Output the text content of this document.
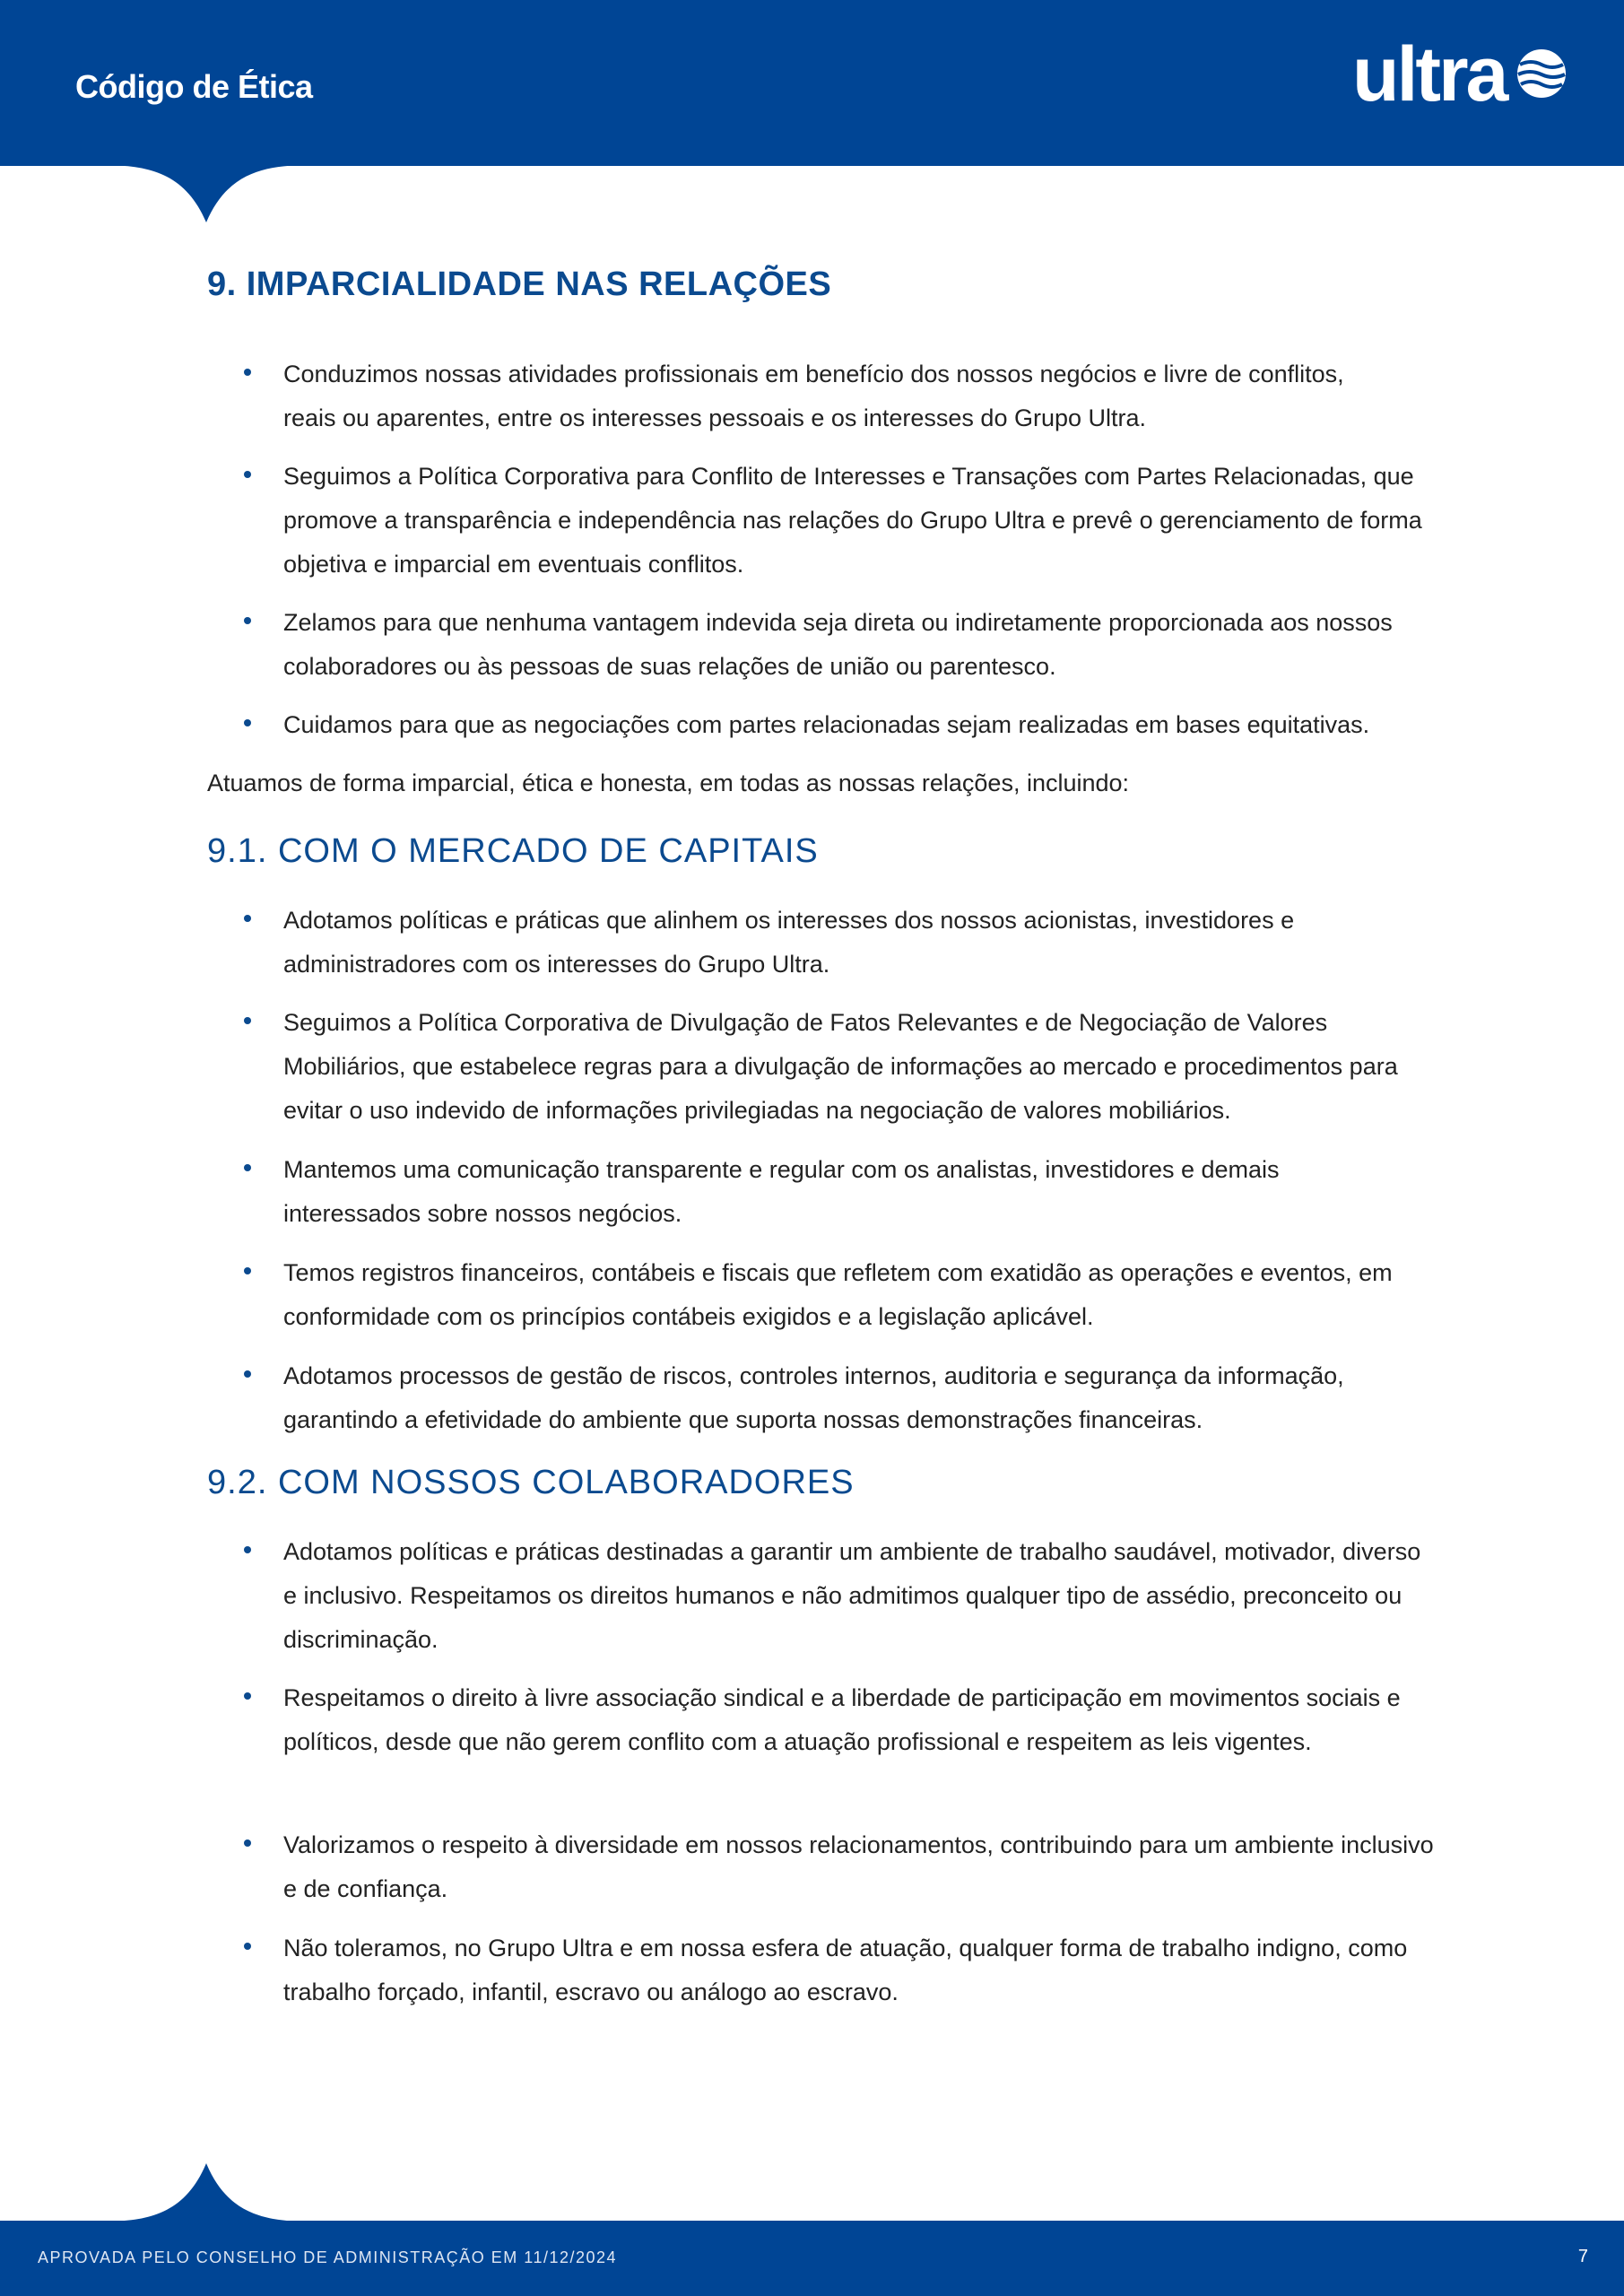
Código de Ética	ultra
9. IMPARCIALIDADE NAS RELAÇÕES
Conduzimos nossas atividades profissionais em benefício dos nossos negócios e livre de conflitos, reais ou aparentes, entre os interesses pessoais e os interesses do Grupo Ultra.
Seguimos a Política Corporativa para Conflito de Interesses e Transações com Partes Relacionadas, que promove a transparência e independência nas relações do Grupo Ultra e prevê o gerenciamento de forma objetiva e imparcial em eventuais conflitos.
Zelamos para que nenhuma vantagem indevida seja direta ou indiretamente proporcionada aos nossos colaboradores ou às pessoas de suas relações de união ou parentesco.
Cuidamos para que as negociações com partes relacionadas sejam realizadas em bases equitativas.
Atuamos de forma imparcial, ética e honesta, em todas as nossas relações, incluindo:
9.1. COM O MERCADO DE CAPITAIS
Adotamos políticas e práticas que alinhem os interesses dos nossos acionistas, investidores e administradores com os interesses do Grupo Ultra.
Seguimos a Política Corporativa de Divulgação de Fatos Relevantes e de Negociação de Valores Mobiliários, que estabelece regras para a divulgação de informações ao mercado e procedimentos para evitar o uso indevido de informações privilegiadas na negociação de valores mobiliários.
Mantemos uma comunicação transparente e regular com os analistas, investidores e demais interessados sobre nossos negócios.
Temos registros financeiros, contábeis e fiscais que refletem com exatidão as operações e eventos, em conformidade com os princípios contábeis exigidos e a legislação aplicável.
Adotamos processos de gestão de riscos, controles internos, auditoria e segurança da informação, garantindo a efetividade do ambiente que suporta nossas demonstrações financeiras.
9.2. COM NOSSOS COLABORADORES
Adotamos políticas e práticas destinadas a garantir um ambiente de trabalho saudável, motivador, diverso e inclusivo. Respeitamos os direitos humanos e não admitimos qualquer tipo de assédio, preconceito ou discriminação.
Respeitamos o direito à livre associação sindical e a liberdade de participação em movimentos sociais e políticos, desde que não gerem conflito com a atuação profissional e respeitem as leis vigentes.
Valorizamos o respeito à diversidade em nossos relacionamentos, contribuindo para um ambiente inclusivo e de confiança.
Não toleramos, no Grupo Ultra e em nossa esfera de atuação, qualquer forma de trabalho indigno, como trabalho forçado, infantil, escravo ou análogo ao escravo.
APROVADA PELO CONSELHO DE ADMINISTRAÇÃO EM 11/12/2024	7
